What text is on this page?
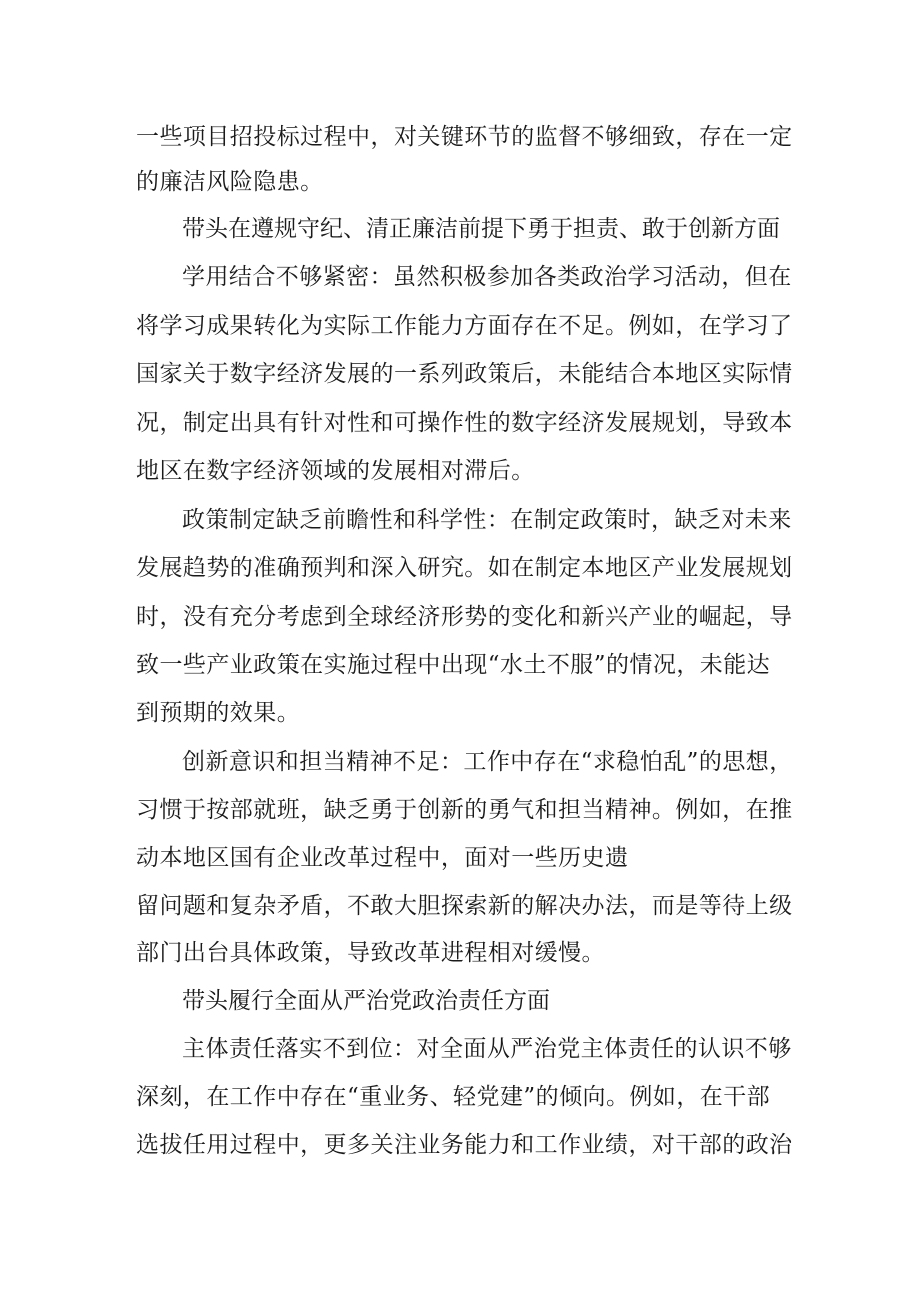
一些项目招投标过程中，对关键环节的监督不够细致，存在一定
的廉洁风险隐患。
带头在遵规守纪、清正廉洁前提下勇于担责、敢于创新方面
学用结合不够紧密：虽然积极参加各类政治学习活动，但在
将学习成果转化为实际工作能力方面存在不足。例如，在学习了
国家关于数字经济发展的一系列政策后，未能结合本地区实际情
况，制定出具有针对性和可操作性的数字经济发展规划，导致本
地区在数字经济领域的发展相对滞后。
政策制定缺乏前瞻性和科学性：在制定政策时，缺乏对未来
发展趋势的准确预判和深入研究。如在制定本地区产业发展规划
时，没有充分考虑到全球经济形势的变化和新兴产业的崛起，导
致一些产业政策在实施过程中出现“水土不服”的情况，未能达
到预期的效果。
创新意识和担当精神不足：工作中存在“求稳怕乱”的思想，
习惯于按部就班，缺乏勇于创新的勇气和担当精神。例如，在推
动本地区国有企业改革过程中，面对一些历史遗
留问题和复杂矛盾，不敢大胆探索新的解决办法，而是等待上级
部门出台具体政策，导致改革进程相对缓慢。
带头履行全面从严治党政治责任方面
主体责任落实不到位：对全面从严治党主体责任的认识不够
深刻，在工作中存在“重业务、轻党建”的倾向。例如，在干部
选拔任用过程中，更多关注业务能力和工作业绩，对干部的政治
